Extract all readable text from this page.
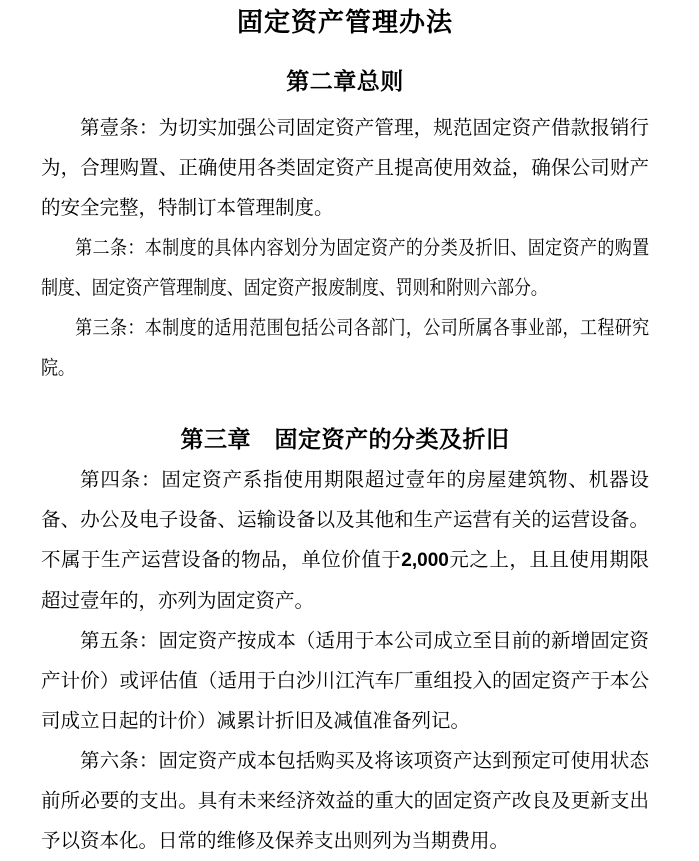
固定资产管理办法
第二章总则

第壹条：为切实加强公司固定资产管理，规范固定资产借款报销行为，合理购置、正确使用各类固定资产且提高使用效益，确保公司财产的安全完整，特制订本管理制度。

第二条：本制度的具体内容划分为固定资产的分类及折旧、固定资产的购置制度、固定资产管理制度、固定资产报废制度、罚则和附则六部分。

第三条：本制度的适用范围包括公司各部门，公司所属各事业部，工程研究院。

第三章　固定资产的分类及折旧

第四条：固定资产系指使用期限超过壹年的房屋建筑物、机器设备、办公及电子设备、运输设备以及其他和生产运营有关的运营设备。不属于生产运营设备的物品，单位价值于2,000元之上，且且使用期限超过壹年的，亦列为固定资产。

第五条：固定资产按成本（适用于本公司成立至目前的新增固定资产计价）或评估值（适用于白沙川江汽车厂重组投入的固定资产于本公司成立日起的计价）减累计折旧及减值准备列记。

第六条：固定资产成本包括购买及将该项资产达到预定可使用状态前所必要的支出。具有未来经济效益的重大的固定资产改良及更新支出予以资本化。日常的维修及保养支出则列为当期费用。
